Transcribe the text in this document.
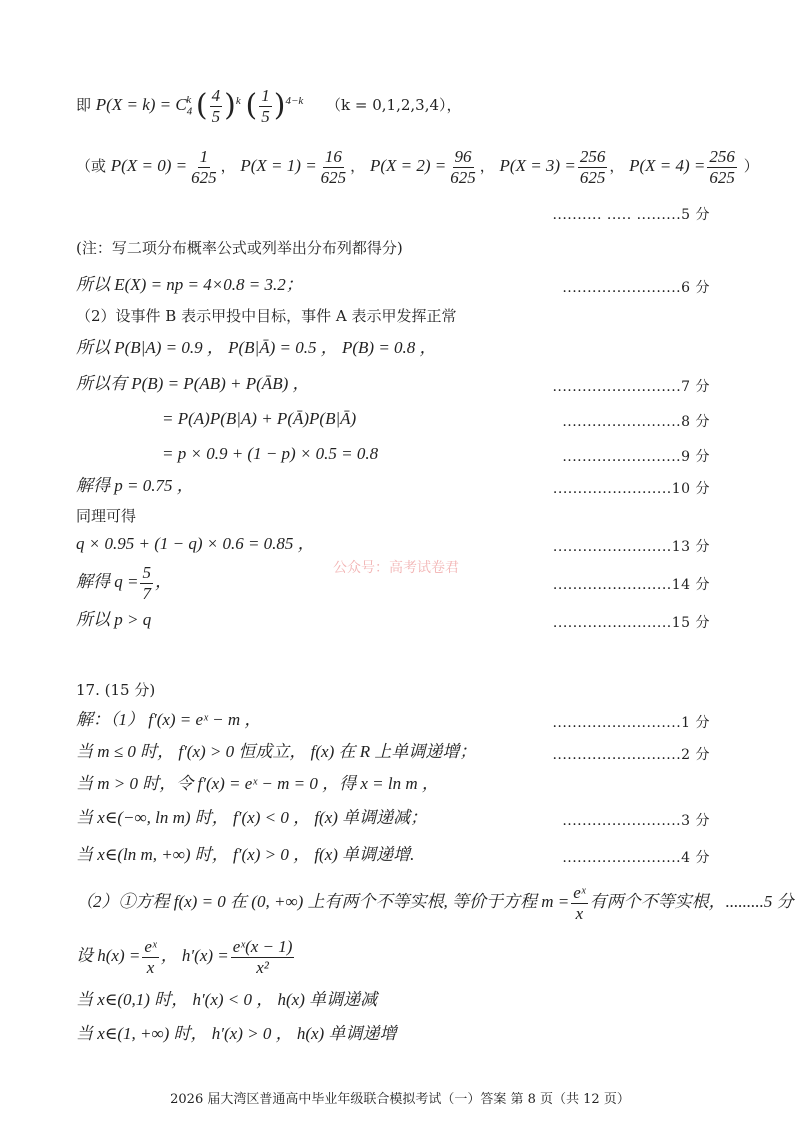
即 $P(X = k) = C_4^k$ ( $\frac{4}{5} )^k$ ( $\frac{1}{5} )^{4-k}$ （k = 0,1,2,3,4），
（或 $P(X = 0) = \frac{1}{625}$ ， $P(X = 1) = \frac{16}{625}$ ， $P(X = 2) = \frac{96}{625}$ ， $P(X = 3) = \frac{256}{625}$ ， $P(X = 4) = \frac{256}{625}$ ）
.......... ..... .........5 分
(注：写二项分布概率公式或列举出分布列都得分)
所以 E(X) = np = 4×0.8 = 3.2；	........................6 分
（2）设事件 B 表示甲投中目标，事件 A 表示甲发挥正常
所以 P(B|A) = 0.9 ， P(B|Ā) = 0.5 ， P(B) = 0.8 ，
所以有 P(B) = P(AB) + P(ĀB) ，	..........................7 分
= P(A)P(B|A) + P(Ā)P(B|Ā)	........................8 分
= p × 0.9 + (1 − p) × 0.5 = 0.8	........................9 分
解得 p = 0.75 ，	........................10 分
同理可得
q × 0.95 + (1 − q) × 0.6 = 0.85 ，	........................13 分
公众号：高考试卷君
解得 $q = \frac{5}{7}$ ，	........................14 分
所以 p > q	........................15 分
17. (15 分)
解：（1） f′(x) = eˣ − m ，	..........................1 分
当 m ≤ 0 时， f′(x) > 0 恒成立， f(x) 在 R 上单调递增；	..........................2 分
当 m > 0 时，令 f′(x) = eˣ − m = 0 ，得 x = ln m ，
当 x∈(−∞, ln m) 时， f′(x) < 0 ， f(x) 单调递减；	........................3 分
当 x∈(ln m, +∞) 时， f′(x) > 0 ， f(x) 单调递增.	........................4 分
（2）①方程 f(x) = 0 在 (0, +∞) 上有两个不等实根, 等价于方程 $m = \frac{\text{eˣ}}{x}$ 有两个不等实根，.........5 分
设 $h(x) = \frac{\text{eˣ}}{x}$ ， $h'(x) = \frac{\text{eˣ(x − 1)}}{\text{x²}}$
当 x∈(0,1) 时， h′(x) < 0 ， h(x) 单调递减
当 x∈(1, +∞) 时， h′(x) > 0 ， h(x) 单调递增
2026 届大湾区普通高中毕业年级联合模拟考试（一）答案 第 8 页（共 12 页）
